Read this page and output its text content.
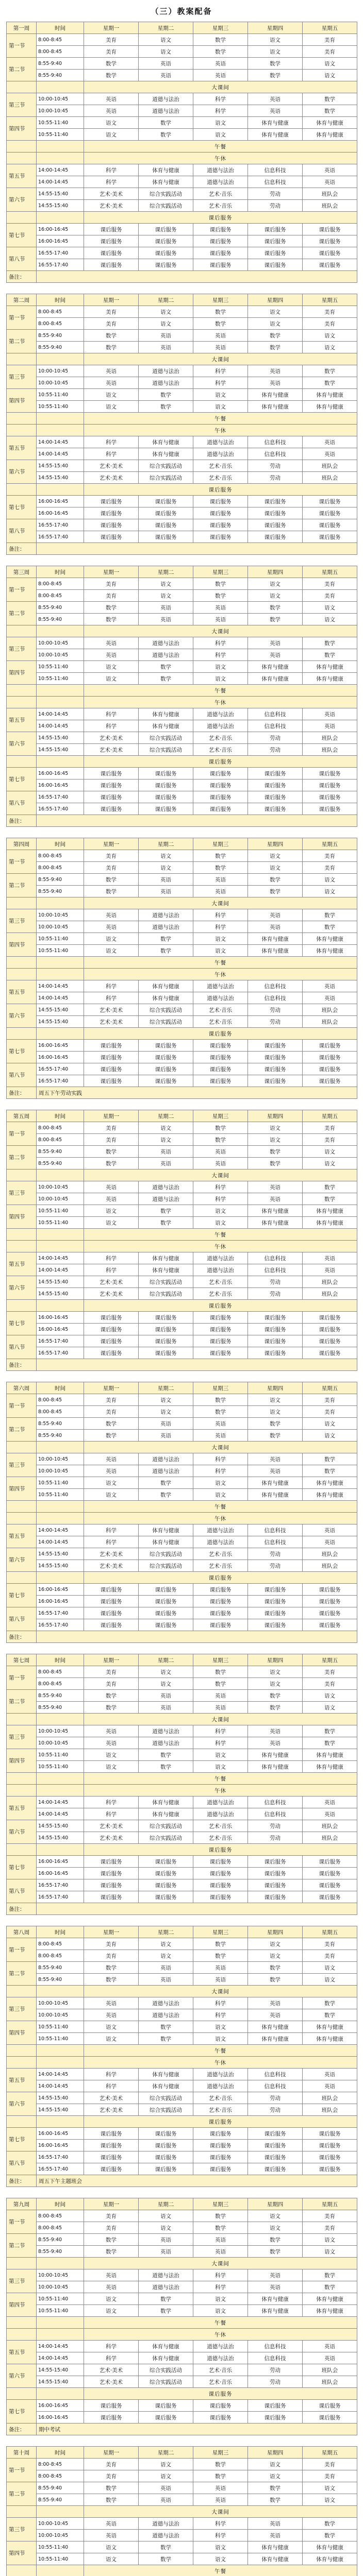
（三）教案配备
第一周	时间	星期一	星期二	星期三	星期四	星期五
第一节	8:00-8:45	美育	语文	数学	语文	美育
	8:00-8:45	美育	语文	数学	语文	美育
第二节	8:55-9:40	数学	英语	英语	数学	语文
	8:55-9:40	数学	英语	英语	数学	语文
		大课间				
第三节	10:00-10:45	英语	道德与法治	科学	英语	数学
	10:00-10:45	英语	道德与法治	科学	英语	数学
第四节	10:55-11:40	语文	数学	语文	体育与健康	体育与健康
	10:55-11:40	语文	数学	语文	体育与健康	体育与健康
		午餐				
		午休				
第五节	14:00-14:45	科学	体育与健康	道德与法治	信息科技	英语
	14:00-14:45	科学	体育与健康	道德与法治	信息科技	英语
第六节	14:55-15:40	艺术·美术	综合实践活动	艺术·音乐	劳动	班队会
	14:55-15:40	艺术·美术	综合实践活动	艺术·音乐	劳动	班队会
		课后服务				
第七节	16:00-16:45	课后服务	课后服务	课后服务	课后服务	课后服务
	16:00-16:45	课后服务	课后服务	课后服务	课后服务	课后服务
第八节	16:55-17:40	课后服务	课后服务	课后服务	课后服务	课后服务
	16:55-17:40	课后服务	课后服务	课后服务	课后服务	课后服务
备注：						
第二周	时间	星期一	星期二	星期三	星期四	星期五
第一节	8:00-8:45	美育	语文	数学	语文	美育
	8:00-8:45	美育	语文	数学	语文	美育
第二节	8:55-9:40	数学	英语	英语	数学	语文
	8:55-9:40	数学	英语	英语	数学	语文
		大课间				
第三节	10:00-10:45	英语	道德与法治	科学	英语	数学
	10:00-10:45	英语	道德与法治	科学	英语	数学
第四节	10:55-11:40	语文	数学	语文	体育与健康	体育与健康
	10:55-11:40	语文	数学	语文	体育与健康	体育与健康
		午餐				
		午休				
第五节	14:00-14:45	科学	体育与健康	道德与法治	信息科技	英语
	14:00-14:45	科学	体育与健康	道德与法治	信息科技	英语
第六节	14:55-15:40	艺术·美术	综合实践活动	艺术·音乐	劳动	班队会
	14:55-15:40	艺术·美术	综合实践活动	艺术·音乐	劳动	班队会
		课后服务				
第七节	16:00-16:45	课后服务	课后服务	课后服务	课后服务	课后服务
	16:00-16:45	课后服务	课后服务	课后服务	课后服务	课后服务
第八节	16:55-17:40	课后服务	课后服务	课后服务	课后服务	课后服务
	16:55-17:40	课后服务	课后服务	课后服务	课后服务	课后服务
备注：						
第三周	时间	星期一	星期二	星期三	星期四	星期五
第一节	8:00-8:45	美育	语文	数学	语文	美育
	8:00-8:45	美育	语文	数学	语文	美育
第二节	8:55-9:40	数学	英语	英语	数学	语文
	8:55-9:40	数学	英语	英语	数学	语文
		大课间				
第三节	10:00-10:45	英语	道德与法治	科学	英语	数学
	10:00-10:45	英语	道德与法治	科学	英语	数学
第四节	10:55-11:40	语文	数学	语文	体育与健康	体育与健康
	10:55-11:40	语文	数学	语文	体育与健康	体育与健康
		午餐				
		午休				
第五节	14:00-14:45	科学	体育与健康	道德与法治	信息科技	英语
	14:00-14:45	科学	体育与健康	道德与法治	信息科技	英语
第六节	14:55-15:40	艺术·美术	综合实践活动	艺术·音乐	劳动	班队会
	14:55-15:40	艺术·美术	综合实践活动	艺术·音乐	劳动	班队会
		课后服务				
第七节	16:00-16:45	课后服务	课后服务	课后服务	课后服务	课后服务
	16:00-16:45	课后服务	课后服务	课后服务	课后服务	课后服务
第八节	16:55-17:40	课后服务	课后服务	课后服务	课后服务	课后服务
	16:55-17:40	课后服务	课后服务	课后服务	课后服务	课后服务
备注：						
第四周	时间	星期一	星期二	星期三	星期四	星期五
第一节	8:00-8:45	美育	语文	数学	语文	美育
	8:00-8:45	美育	语文	数学	语文	美育
第二节	8:55-9:40	数学	英语	英语	数学	语文
	8:55-9:40	数学	英语	英语	数学	语文
		大课间				
第三节	10:00-10:45	英语	道德与法治	科学	英语	数学
	10:00-10:45	英语	道德与法治	科学	英语	数学
第四节	10:55-11:40	语文	数学	语文	体育与健康	体育与健康
	10:55-11:40	语文	数学	语文	体育与健康	体育与健康
		午餐				
		午休				
第五节	14:00-14:45	科学	体育与健康	道德与法治	信息科技	英语
	14:00-14:45	科学	体育与健康	道德与法治	信息科技	英语
第六节	14:55-15:40	艺术·美术	综合实践活动	艺术·音乐	劳动	班队会
	14:55-15:40	艺术·美术	综合实践活动	艺术·音乐	劳动	班队会
		课后服务				
第七节	16:00-16:45	课后服务	课后服务	课后服务	课后服务	课后服务
	16:00-16:45	课后服务	课后服务	课后服务	课后服务	课后服务
第八节	16:55-17:40	课后服务	课后服务	课后服务	课后服务	课后服务
	16:55-17:40	课后服务	课后服务	课后服务	课后服务	课后服务
备注：	周五下午劳动实践					
第五周	时间	星期一	星期二	星期三	星期四	星期五
第一节	8:00-8:45	美育	语文	数学	语文	美育
	8:00-8:45	美育	语文	数学	语文	美育
第二节	8:55-9:40	数学	英语	英语	数学	语文
	8:55-9:40	数学	英语	英语	数学	语文
		大课间				
第三节	10:00-10:45	英语	道德与法治	科学	英语	数学
	10:00-10:45	英语	道德与法治	科学	英语	数学
第四节	10:55-11:40	语文	数学	语文	体育与健康	体育与健康
	10:55-11:40	语文	数学	语文	体育与健康	体育与健康
		午餐				
		午休				
第五节	14:00-14:45	科学	体育与健康	道德与法治	信息科技	英语
	14:00-14:45	科学	体育与健康	道德与法治	信息科技	英语
第六节	14:55-15:40	艺术·美术	综合实践活动	艺术·音乐	劳动	班队会
	14:55-15:40	艺术·美术	综合实践活动	艺术·音乐	劳动	班队会
		课后服务				
第七节	16:00-16:45	课后服务	课后服务	课后服务	课后服务	课后服务
	16:00-16:45	课后服务	课后服务	课后服务	课后服务	课后服务
第八节	16:55-17:40	课后服务	课后服务	课后服务	课后服务	课后服务
	16:55-17:40	课后服务	课后服务	课后服务	课后服务	课后服务
备注：						
第六周	时间	星期一	星期二	星期三	星期四	星期五
第一节	8:00-8:45	美育	语文	数学	语文	美育
	8:00-8:45	美育	语文	数学	语文	美育
第二节	8:55-9:40	数学	英语	英语	数学	语文
	8:55-9:40	数学	英语	英语	数学	语文
		大课间				
第三节	10:00-10:45	英语	道德与法治	科学	英语	数学
	10:00-10:45	英语	道德与法治	科学	英语	数学
第四节	10:55-11:40	语文	数学	语文	体育与健康	体育与健康
	10:55-11:40	语文	数学	语文	体育与健康	体育与健康
		午餐				
		午休				
第五节	14:00-14:45	科学	体育与健康	道德与法治	信息科技	英语
	14:00-14:45	科学	体育与健康	道德与法治	信息科技	英语
第六节	14:55-15:40	艺术·美术	综合实践活动	艺术·音乐	劳动	班队会
	14:55-15:40	艺术·美术	综合实践活动	艺术·音乐	劳动	班队会
		课后服务				
第七节	16:00-16:45	课后服务	课后服务	课后服务	课后服务	课后服务
	16:00-16:45	课后服务	课后服务	课后服务	课后服务	课后服务
第八节	16:55-17:40	课后服务	课后服务	课后服务	课后服务	课后服务
	16:55-17:40	课后服务	课后服务	课后服务	课后服务	课后服务
备注：						
第七周	时间	星期一	星期二	星期三	星期四	星期五
第一节	8:00-8:45	美育	语文	数学	语文	美育
	8:00-8:45	美育	语文	数学	语文	美育
第二节	8:55-9:40	数学	英语	英语	数学	语文
	8:55-9:40	数学	英语	英语	数学	语文
		大课间				
第三节	10:00-10:45	英语	道德与法治	科学	英语	数学
	10:00-10:45	英语	道德与法治	科学	英语	数学
第四节	10:55-11:40	语文	数学	语文	体育与健康	体育与健康
	10:55-11:40	语文	数学	语文	体育与健康	体育与健康
		午餐				
		午休				
第五节	14:00-14:45	科学	体育与健康	道德与法治	信息科技	英语
	14:00-14:45	科学	体育与健康	道德与法治	信息科技	英语
第六节	14:55-15:40	艺术·美术	综合实践活动	艺术·音乐	劳动	班队会
	14:55-15:40	艺术·美术	综合实践活动	艺术·音乐	劳动	班队会
		课后服务				
第七节	16:00-16:45	课后服务	课后服务	课后服务	课后服务	课后服务
	16:00-16:45	课后服务	课后服务	课后服务	课后服务	课后服务
第八节	16:55-17:40	课后服务	课后服务	课后服务	课后服务	课后服务
	16:55-17:40	课后服务	课后服务	课后服务	课后服务	课后服务
备注：						
第八周	时间	星期一	星期二	星期三	星期四	星期五
第一节	8:00-8:45	美育	语文	数学	语文	美育
	8:00-8:45	美育	语文	数学	语文	美育
第二节	8:55-9:40	数学	英语	英语	数学	语文
	8:55-9:40	数学	英语	英语	数学	语文
		大课间				
第三节	10:00-10:45	英语	道德与法治	科学	英语	数学
	10:00-10:45	英语	道德与法治	科学	英语	数学
第四节	10:55-11:40	语文	数学	语文	体育与健康	体育与健康
	10:55-11:40	语文	数学	语文	体育与健康	体育与健康
		午餐				
		午休				
第五节	14:00-14:45	科学	体育与健康	道德与法治	信息科技	英语
	14:00-14:45	科学	体育与健康	道德与法治	信息科技	英语
第六节	14:55-15:40	艺术·美术	综合实践活动	艺术·音乐	劳动	班队会
	14:55-15:40	艺术·美术	综合实践活动	艺术·音乐	劳动	班队会
		课后服务				
第七节	16:00-16:45	课后服务	课后服务	课后服务	课后服务	课后服务
	16:00-16:45	课后服务	课后服务	课后服务	课后服务	课后服务
第八节	16:55-17:40	课后服务	课后服务	课后服务	课后服务	课后服务
	16:55-17:40	课后服务	课后服务	课后服务	课后服务	课后服务
备注：	周五下午主题班会					
第九周	时间	星期一	星期二	星期三	星期四	星期五
第一节	8:00-8:45	美育	语文	数学	语文	美育
	8:00-8:45	美育	语文	数学	语文	美育
第二节	8:55-9:40	数学	英语	英语	数学	语文
	8:55-9:40	数学	英语	英语	数学	语文
		大课间				
第三节	10:00-10:45	英语	道德与法治	科学	英语	数学
	10:00-10:45	英语	道德与法治	科学	英语	数学
第四节	10:55-11:40	语文	数学	语文	体育与健康	体育与健康
	10:55-11:40	语文	数学	语文	体育与健康	体育与健康
		午餐				
		午休				
第五节	14:00-14:45	科学	体育与健康	道德与法治	信息科技	英语
	14:00-14:45	科学	体育与健康	道德与法治	信息科技	英语
第六节	14:55-15:40	艺术·美术	综合实践活动	艺术·音乐	劳动	班队会
	14:55-15:40	艺术·美术	综合实践活动	艺术·音乐	劳动	班队会
		课后服务				
第七节	16:00-16:45	课后服务	课后服务	课后服务	课后服务	课后服务
	16:00-16:45	课后服务	课后服务	课后服务	课后服务	课后服务
备注：	期中考试					
第十周	时间	星期一	星期二	星期三	星期四	星期五
第一节	8:00-8:45	美育	语文	数学	语文	美育
	8:00-8:45	美育	语文	数学	语文	美育
第二节	8:55-9:40	数学	英语	英语	数学	语文
	8:55-9:40	数学	英语	英语	数学	语文
		大课间				
第三节	10:00-10:45	英语	道德与法治	科学	英语	数学
	10:00-10:45	英语	道德与法治	科学	英语	数学
第四节	10:55-11:40	语文	数学	语文	体育与健康	体育与健康
	10:55-11:40	语文	数学	语文	体育与健康	体育与健康
		午餐				
